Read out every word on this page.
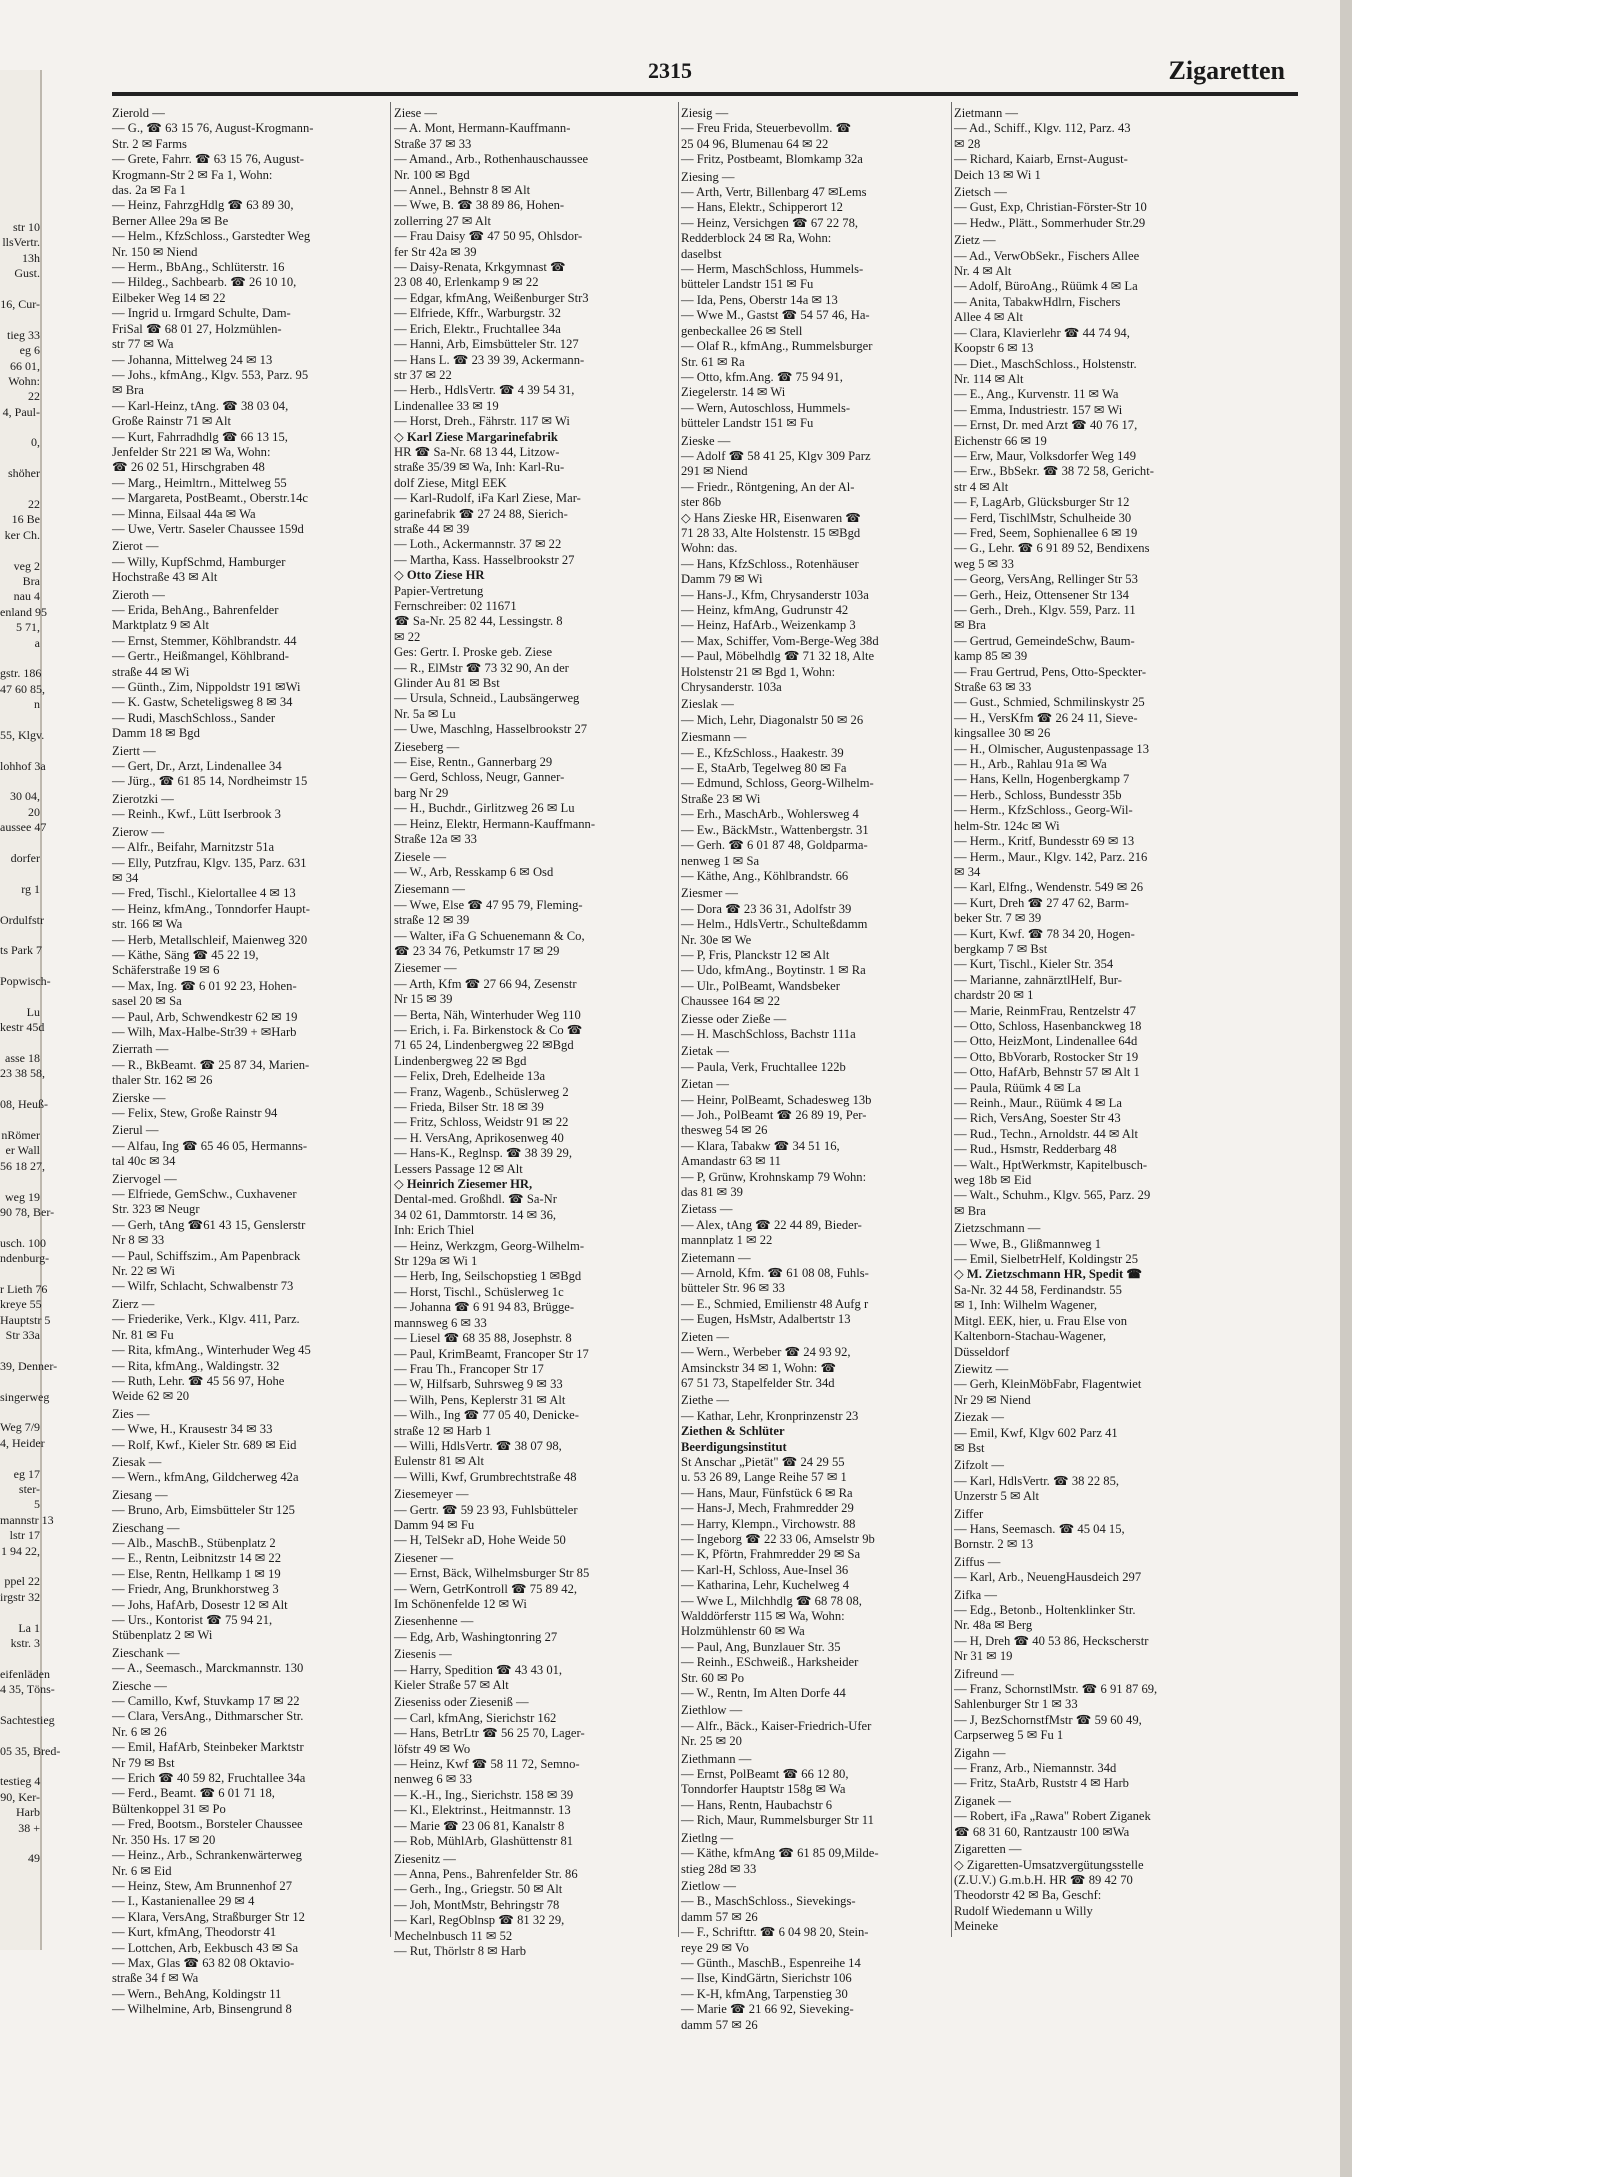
str 10
llsVertr.
13h
Gust.
16, Cur-
tieg 33
eg 6
66 01,
Wohn:
22
4, Paul-
0,
shöher
22
16 Be
ker Ch.
veg 2
Bra
nau 4
enland 95
5 71,
a
gstr. 186
47 60 85,
n
55, Klgv.
lohhof 3a
30 04,
20
aussee 47
dorfer
rg 1
Ordulfstr
ts Park 7
Popwisch-
Lu
kestr 45d
asse 18
23 38 58,
08, Heuß-
nRömer
er Wall
56 18 27,
weg 19
90 78, Ber-
usch. 100
ndenburg-
r Lieth 76
kreye 55
Hauptstr 5
Str 33a
39, Denner-
singerweg
Weg 7/9
4, Heider
eg 17
ster-
5
mannstr 13
lstr 17
1 94 22,
ppel 22
irgstr 32
La 1
kstr. 3
eifenläden
4 35, Töns-
Sachtestieg
05 35, Bred-
testieg 4
90, Ker-
Harb
38 +
49
2315	Zigaretten
Zierold —
— G., ☎ 63 15 76, August-Krogmann-
Str. 2 ✉ Farms
— Grete, Fahrr. ☎ 63 15 76, August-
Krogmann-Str 2 ✉ Fa 1, Wohn:
das. 2a ✉ Fa 1
— Heinz, FahrzgHdlg ☎ 63 89 30,
Berner Allee 29a ✉ Be
— Helm., KfzSchloss., Garstedter Weg
Nr. 150 ✉ Niend
— Herm., BbAng., Schlüterstr. 16
— Hildeg., Sachbearb. ☎ 26 10 10,
Eilbeker Weg 14 ✉ 22
— Ingrid u. Irmgard Schulte, Dam-
FriSal ☎ 68 01 27, Holzmühlen-
str 77 ✉ Wa
— Johanna, Mittelweg 24 ✉ 13
— Johs., kfmAng., Klgv. 553, Parz. 95
✉ Bra
— Karl-Heinz, tAng. ☎ 38 03 04,
Große Rainstr 71 ✉ Alt
— Kurt, Fahrradhdlg ☎ 66 13 15,
Jenfelder Str 221 ✉ Wa, Wohn:
☎ 26 02 51, Hirschgraben 48
— Marg., Heimltrn., Mittelweg 55
— Margareta, PostBeamt., Oberstr.14c
— Minna, Eilsaal 44a ✉ Wa
— Uwe, Vertr. Saseler Chaussee 159d
Zierot —
— Willy, KupfSchmd, Hamburger
Hochstraße 43 ✉ Alt
Zieroth —
— Erida, BehAng., Bahrenfelder
Marktplatz 9 ✉ Alt
— Ernst, Stemmer, Köhlbrandstr. 44
— Gertr., Heißmangel, Köhlbrand-
straße 44 ✉ Wi
— Günth., Zim, Nippoldstr 191 ✉Wi
— K. Gastw, Scheteligsweg 8 ✉ 34
— Rudi, MaschSchloss., Sander
Damm 18 ✉ Bgd
Ziertt —
— Gert, Dr., Arzt, Lindenallee 34
— Jürg., ☎ 61 85 14, Nordheimstr 15
Zierotzki —
— Reinh., Kwf., Lütt Iserbrook 3
Zierow —
— Alfr., Beifahr, Marnitzstr 51a
— Elly, Putzfrau, Klgv. 135, Parz. 631
✉ 34
— Fred, Tischl., Kielortallee 4 ✉ 13
— Heinz, kfmAng., Tonndorfer Haupt-
str. 166 ✉ Wa
— Herb, Metallschleif, Maienweg 320
— Käthe, Säng ☎ 45 22 19,
Schäferstraße 19 ✉ 6
— Max, Ing. ☎ 6 01 92 23, Hohen-
sasel 20 ✉ Sa
— Paul, Arb, Schwendkestr 62 ✉ 19
— Wilh, Max-Halbe-Str39 + ✉Harb
Zierrath —
— R., BkBeamt. ☎ 25 87 34, Marien-
thaler Str. 162 ✉ 26
Zierske —
— Felix, Stew, Große Rainstr 94
Zierul —
— Alfau, Ing ☎ 65 46 05, Hermanns-
tal 40c ✉ 34
Ziervogel —
— Elfriede, GemSchw., Cuxhavener
Str. 323 ✉ Neugr
— Gerh, tAng ☎61 43 15, Genslerstr
Nr 8 ✉ 33
— Paul, Schiffszim., Am Papenbrack
Nr. 22 ✉ Wi
— Wilfr, Schlacht, Schwalbenstr 73
Zierz —
— Friederike, Verk., Klgv. 411, Parz.
Nr. 81 ✉ Fu
— Rita, kfmAng., Winterhuder Weg 45
— Rita, kfmAng., Waldingstr. 32
— Ruth, Lehr. ☎ 45 56 97, Hohe
Weide 62 ✉ 20
Zies —
— Wwe, H., Krausestr 34 ✉ 33
— Rolf, Kwf., Kieler Str. 689 ✉ Eid
Ziesak —
— Wern., kfmAng, Gildcherweg 42a
Ziesang —
— Bruno, Arb, Eimsbütteler Str 125
Zieschang —
— Alb., MaschB., Stübenplatz 2
— E., Rentn, Leibnitzstr 14 ✉ 22
— Else, Rentn, Hellkamp 1 ✉ 19
— Friedr, Ang, Brunkhorstweg 3
— Johs, HafArb, Dosestr 12 ✉ Alt
— Urs., Kontorist ☎ 75 94 21,
Stübenplatz 2 ✉ Wi
Zieschank —
— A., Seemasch., Marckmannstr. 130
Ziesche —
— Camillo, Kwf, Stuvkamp 17 ✉ 22
— Clara, VersAng., Dithmarscher Str.
Nr. 6 ✉ 26
— Emil, HafArb, Steinbeker Marktstr
Nr 79 ✉ Bst
— Erich ☎ 40 59 82, Fruchtallee 34a
— Ferd., Beamt. ☎ 6 01 71 18,
Bültenkoppel 31 ✉ Po
— Fred, Bootsm., Borsteler Chaussee
Nr. 350 Hs. 17 ✉ 20
— Heinz., Arb., Schrankenwärterweg
Nr. 6 ✉ Eid
— Heinz, Stew, Am Brunnenhof 27
— I., Kastanienallee 29 ✉ 4
— Klara, VersAng, Straßburger Str 12
— Kurt, kfmAng, Theodorstr 41
— Lottchen, Arb, Eekbusch 43 ✉ Sa
— Max, Glas ☎ 63 82 08 Oktavio-
straße 34 f ✉ Wa
— Wern., BehAng, Koldingstr 11
— Wilhelmine, Arb, Binsengrund 8
Ziese —
— A. Mont, Hermann-Kauffmann-
Straße 37 ✉ 33
— Amand., Arb., Rothenhauschaussee
Nr. 100 ✉ Bgd
— Annel., Behnstr 8 ✉ Alt
— Wwe, B. ☎ 38 89 86, Hohen-
zollerring 27 ✉ Alt
— Frau Daisy ☎ 47 50 95, Ohlsdor-
fer Str 42a ✉ 39
— Daisy-Renata, Krkgymnast ☎
23 08 40, Erlenkamp 9 ✉ 22
— Edgar, kfmAng, Weißenburger Str3
— Elfriede, Kffr., Warburgstr. 32
— Erich, Elektr., Fruchtallee 34a
— Hanni, Arb, Eimsbütteler Str. 127
— Hans L. ☎ 23 39 39, Ackermann-
str 37 ✉ 22
— Herb., HdlsVertr. ☎ 4 39 54 31,
Lindenallee 33 ✉ 19
— Horst, Dreh., Fährstr. 117 ✉ Wi
◇ Karl Ziese Margarinefabrik
HR ☎ Sa-Nr. 68 13 44, Litzow-
straße 35/39 ✉ Wa, Inh: Karl-Ru-
dolf Ziese, Mitgl EEK
— Karl-Rudolf, iFa Karl Ziese, Mar-
garinefabrik ☎ 27 24 88, Sierich-
straße 44 ✉ 39
— Loth., Ackermannstr. 37 ✉ 22
— Martha, Kass. Hasselbrookstr 27
◇ Otto Ziese HR
Papier-Vertretung
Fernschreiber: 02 11671
☎ Sa-Nr. 25 82 44, Lessingstr. 8
✉ 22
Ges: Gertr. I. Proske geb. Ziese
— R., ElMstr ☎ 73 32 90, An der
Glinder Au 81 ✉ Bst
— Ursula, Schneid., Laubsängerweg
Nr. 5a ✉ Lu
— Uwe, Maschlng, Hasselbrookstr 27
Zieseberg —
— Eise, Rentn., Gannerbarg 29
— Gerd, Schloss, Neugr, Ganner-
barg Nr 29
— H., Buchdr., Girlitzweg 26 ✉ Lu
— Heinz, Elektr, Hermann-Kauffmann-
Straße 12a ✉ 33
Ziesele —
— W., Arb, Resskamp 6 ✉ Osd
Ziesemann —
— Wwe, Else ☎ 47 95 79, Fleming-
straße 12 ✉ 39
— Walter, iFa G Schuenemann & Co,
☎ 23 34 76, Petkumstr 17 ✉ 29
Ziesemer —
— Arth, Kfm ☎ 27 66 94, Zesenstr
Nr 15 ✉ 39
— Berta, Näh, Winterhuder Weg 110
— Erich, i. Fa. Birkenstock & Co ☎
71 65 24, Lindenbergweg 22 ✉Bgd
Lindenbergweg 22 ✉ Bgd
— Felix, Dreh, Edelheide 13a
— Franz, Wagenb., Schüslerweg 2
— Frieda, Bilser Str. 18 ✉ 39
— Fritz, Schloss, Weidstr 91 ✉ 22
— H. VersAng, Aprikosenweg 40
— Hans-K., Reglnsp. ☎ 38 39 29,
Lessers Passage 12 ✉ Alt
◇ Heinrich Ziesemer HR,
Dental-med. Großhdl. ☎ Sa-Nr
34 02 61, Dammtorstr. 14 ✉ 36,
Inh: Erich Thiel
— Heinz, Werkzgm, Georg-Wilhelm-
Str 129a ✉ Wi 1
— Herb, Ing, Seilschopstieg 1 ✉Bgd
— Horst, Tischl., Schüslerweg 1c
— Johanna ☎ 6 91 94 83, Brügge-
mannsweg 6 ✉ 33
— Liesel ☎ 68 35 88, Josephstr. 8
— Paul, KrimBeamt, Francoper Str 17
— Frau Th., Francoper Str 17
— W, Hilfsarb, Suhrsweg 9 ✉ 33
— Wilh, Pens, Keplerstr 31 ✉ Alt
— Wilh., Ing ☎ 77 05 40, Denicke-
straße 12 ✉ Harb 1
— Willi, HdlsVertr. ☎ 38 07 98,
Eulenstr 81 ✉ Alt
— Willi, Kwf, Grumbrechtstraße 48
Ziesemeyer —
— Gertr. ☎ 59 23 93, Fuhlsbütteler
Damm 94 ✉ Fu
— H, TelSekr aD, Hohe Weide 50
Ziesener —
— Ernst, Bäck, Wilhelmsburger Str 85
— Wern, GetrKontroll ☎ 75 89 42,
Im Schönenfelde 12 ✉ Wi
Ziesenhenne —
— Edg, Arb, Washingtonring 27
Ziesenis —
— Harry, Spedition ☎ 43 43 01,
Kieler Straße 57 ✉ Alt
Zieseniss oder Zieseniß —
— Carl, kfmAng, Sierichstr 162
— Hans, BetrLtr ☎ 56 25 70, Lager-
löfstr 49 ✉ Wo
— Heinz, Kwf ☎ 58 11 72, Semno-
nenweg 6 ✉ 33
— K.-H., Ing., Sierichstr. 158 ✉ 39
— Kl., Elektrinst., Heitmannstr. 13
— Marie ☎ 23 06 81, Kanalstr 8
— Rob, MühlArb, Glashüttenstr 81
Ziesenitz —
— Anna, Pens., Bahrenfelder Str. 86
— Gerh., Ing., Griegstr. 50 ✉ Alt
— Joh, MontMstr, Behringstr 78
— Karl, RegOblnsp ☎ 81 32 29,
Mechelnbusch 11 ✉ 52
— Rut, Thörlstr 8 ✉ Harb
Ziesig —
— Freu Frida, Steuerbevollm. ☎
25 04 96, Blumenau 64 ✉ 22
— Fritz, Postbeamt, Blomkamp 32a
Ziesing —
— Arth, Vertr, Billenbarg 47 ✉Lems
— Hans, Elektr., Schipperort 12
— Heinz, Versichgen ☎ 67 22 78,
Redderblock 24 ✉ Ra, Wohn:
daselbst
— Herm, MaschSchloss, Hummels-
bütteler Landstr 151 ✉ Fu
— Ida, Pens, Oberstr 14a ✉ 13
— Wwe M., Gastst ☎ 54 57 46, Ha-
genbeckallee 26 ✉ Stell
— Olaf R., kfmAng., Rummelsburger
Str. 61 ✉ Ra
— Otto, kfm.Ang. ☎ 75 94 91,
Ziegelerstr. 14 ✉ Wi
— Wern, Autoschloss, Hummels-
bütteler Landstr 151 ✉ Fu
Zieske —
— Adolf ☎ 58 41 25, Klgv 309 Parz
291 ✉ Niend
— Friedr., Röntgening, An der Al-
ster 86b
◇ Hans Zieske HR, Eisenwaren ☎
71 28 33, Alte Holstenstr. 15 ✉Bgd
Wohn: das.
— Hans, KfzSchloss., Rotenhäuser
Damm 79 ✉ Wi
— Hans-J., Kfm, Chrysanderstr 103a
— Heinz, kfmAng, Gudrunstr 42
— Heinz, HafArb., Weizenkamp 3
— Max, Schiffer, Vom-Berge-Weg 38d
— Paul, Möbelhdlg ☎ 71 32 18, Alte
Holstenstr 21 ✉ Bgd 1, Wohn:
Chrysanderstr. 103a
Zieslak —
— Mich, Lehr, Diagonalstr 50 ✉ 26
Ziesmann —
— E., KfzSchloss., Haakestr. 39
— E, StaArb, Tegelweg 80 ✉ Fa
— Edmund, Schloss, Georg-Wilhelm-
Straße 23 ✉ Wi
— Erh., MaschArb., Wohlersweg 4
— Ew., BäckMstr., Wattenbergstr. 31
— Gerh. ☎ 6 01 87 48, Goldparma-
nenweg 1 ✉ Sa
— Käthe, Ang., Köhlbrandstr. 66
Ziesmer —
— Dora ☎ 23 36 31, Adolfstr 39
— Helm., HdlsVertr., Schulteßdamm
Nr. 30e ✉ We
— P, Fris, Planckstr 12 ✉ Alt
— Udo, kfmAng., Boytinstr. 1 ✉ Ra
— Ulr., PolBeamt, Wandsbeker
Chaussee 164 ✉ 22
Ziesse oder Zieße —
— H. MaschSchloss, Bachstr 111a
Zietak —
— Paula, Verk, Fruchtallee 122b
Zietan —
— Heinr, PolBeamt, Schadesweg 13b
— Joh., PolBeamt ☎ 26 89 19, Per-
thesweg 54 ✉ 26
— Klara, Tabakw ☎ 34 51 16,
Amandastr 63 ✉ 11
— P, Grünw, Krohnskamp 79 Wohn:
das 81 ✉ 39
Zietass —
— Alex, tAng ☎ 22 44 89, Bieder-
mannplatz 1 ✉ 22
Zietemann —
— Arnold, Kfm. ☎ 61 08 08, Fuhls-
bütteler Str. 96 ✉ 33
— E., Schmied, Emilienstr 48 Aufg r
— Eugen, HsMstr, Adalbertstr 13
Zieten —
— Wern., Werbeber ☎ 24 93 92,
Amsinckstr 34 ✉ 1, Wohn: ☎
67 51 73, Stapelfelder Str. 34d
Ziethe —
— Kathar, Lehr, Kronprinzenstr 23
Ziethen & Schlüter
Beerdigungsinstitut
St Anschar „Pietät" ☎ 24 29 55
u. 53 26 89, Lange Reihe 57 ✉ 1
— Hans, Maur, Fünfstück 6 ✉ Ra
— Hans-J, Mech, Frahmredder 29
— Harry, Klempn., Virchowstr. 88
— Ingeborg ☎ 22 33 06, Amselstr 9b
— K, Pförtn, Frahmredder 29 ✉ Sa
— Karl-H, Schloss, Aue-Insel 36
— Katharina, Lehr, Kuchelweg 4
— Wwe L, Milchhdlg ☎ 68 78 08,
Walddörferstr 115 ✉ Wa, Wohn:
Holzmühlenstr 60 ✉ Wa
— Paul, Ang, Bunzlauer Str. 35
— Reinh., ESchweiß., Harksheider
Str. 60 ✉ Po
— W., Rentn, Im Alten Dorfe 44
Ziethlow —
— Alfr., Bäck., Kaiser-Friedrich-Ufer
Nr. 25 ✉ 20
Ziethmann —
— Ernst, PolBeamt ☎ 66 12 80,
Tonndorfer Hauptstr 158g ✉ Wa
— Hans, Rentn, Haubachstr 6
— Rich, Maur, Rummelsburger Str 11
Zietlng —
— Käthe, kfmAng ☎ 61 85 09,Milde-
stieg 28d ✉ 33
Zietlow —
— B., MaschSchloss., Sievekings-
damm 57 ✉ 26
— F., Schrifttr. ☎ 6 04 98 20, Stein-
reye 29 ✉ Vo
— Günth., MaschB., Espenreihe 14
— Ilse, KindGärtn, Sierichstr 106
— K-H, kfmAng, Tarpenstieg 30
— Marie ☎ 21 66 92, Sieveking-
damm 57 ✉ 26
Zietmann —
— Ad., Schiff., Klgv. 112, Parz. 43
✉ 28
— Richard, Kaiarb, Ernst-August-
Deich 13 ✉ Wi 1
Zietsch —
— Gust, Exp, Christian-Förster-Str 10
— Hedw., Plätt., Sommerhuder Str.29
Zietz —
— Ad., VerwObSekr., Fischers Allee
Nr. 4 ✉ Alt
— Adolf, BüroAng., Rüümk 4 ✉ La
— Anita, TabakwHdlrn, Fischers
Allee 4 ✉ Alt
— Clara, Klavierlehr ☎ 44 74 94,
Koopstr 6 ✉ 13
— Diet., MaschSchloss., Holstenstr.
Nr. 114 ✉ Alt
— E., Ang., Kurvenstr. 11 ✉ Wa
— Emma, Industriestr. 157 ✉ Wi
— Ernst, Dr. med Arzt ☎ 40 76 17,
Eichenstr 66 ✉ 19
— Erw, Maur, Volksdorfer Weg 149
— Erw., BbSekr. ☎ 38 72 58, Gericht-
str 4 ✉ Alt
— F, LagArb, Glücksburger Str 12
— Ferd, TischlMstr, Schulheide 30
— Fred, Seem, Sophienallee 6 ✉ 19
— G., Lehr. ☎ 6 91 89 52, Bendixens
weg 5 ✉ 33
— Georg, VersAng, Rellinger Str 53
— Gerh., Heiz, Ottensener Str 134
— Gerh., Dreh., Klgv. 559, Parz. 11
✉ Bra
— Gertrud, GemeindeSchw, Baum-
kamp 85 ✉ 39
— Frau Gertrud, Pens, Otto-Speckter-
Straße 63 ✉ 33
— Gust., Schmied, Schmilinskystr 25
— H., VersKfm ☎ 26 24 11, Sieve-
kingsallee 30 ✉ 26
— H., Olmischer, Augustenpassage 13
— H., Arb., Rahlau 91a ✉ Wa
— Hans, Kelln, Hogenbergkamp 7
— Herb., Schloss, Bundesstr 35b
— Herm., KfzSchloss., Georg-Wil-
helm-Str. 124c ✉ Wi
— Herm., Kritf, Bundesstr 69 ✉ 13
— Herm., Maur., Klgv. 142, Parz. 216
✉ 34
— Karl, Elfng., Wendenstr. 549 ✉ 26
— Kurt, Dreh ☎ 27 47 62, Barm-
beker Str. 7 ✉ 39
— Kurt, Kwf. ☎ 78 34 20, Hogen-
bergkamp 7 ✉ Bst
— Kurt, Tischl., Kieler Str. 354
— Marianne, zahnärztlHelf, Bur-
chardstr 20 ✉ 1
— Marie, ReinmFrau, Rentzelstr 47
— Otto, Schloss, Hasenbanckweg 18
— Otto, HeizMont, Lindenallee 64d
— Otto, BbVorarb, Rostocker Str 19
— Otto, HafArb, Behnstr 57 ✉ Alt 1
— Paula, Rüümk 4 ✉ La
— Reinh., Maur., Rüümk 4 ✉ La
— Rich, VersAng, Soester Str 43
— Rud., Techn., Arnoldstr. 44 ✉ Alt
— Rud., Hsmstr, Redderbarg 48
— Walt., HptWerkmstr, Kapitelbusch-
weg 18b ✉ Eid
— Walt., Schuhm., Klgv. 565, Parz. 29
✉ Bra
Zietzschmann —
— Wwe, B., Glißmannweg 1
— Emil, SielbetrHelf, Koldingstr 25
◇ M. Zietzschmann HR, Spedit ☎
Sa-Nr. 32 44 58, Ferdinandstr. 55
✉ 1, Inh: Wilhelm Wagener,
Mitgl. EEK, hier, u. Frau Else von
Kaltenborn-Stachau-Wagener,
Düsseldorf
Ziewitz —
— Gerh, KleinMöbFabr, Flagentwiet
Nr 29 ✉ Niend
Ziezak —
— Emil, Kwf, Klgv 602 Parz 41
✉ Bst
Zifzolt —
— Karl, HdlsVertr. ☎ 38 22 85,
Unzerstr 5 ✉ Alt
Ziffer
— Hans, Seemasch. ☎ 45 04 15,
Bornstr. 2 ✉ 13
Ziffus —
— Karl, Arb., NeuengHausdeich 297
Zifka —
— Edg., Betonb., Holtenklinker Str.
Nr. 48a ✉ Berg
— H, Dreh ☎ 40 53 86, Heckscherstr
Nr 31 ✉ 19
Zifreund —
— Franz, SchornstlMstr. ☎ 6 91 87 69,
Sahlenburger Str 1 ✉ 33
— J, BezSchornstfMstr ☎ 59 60 49,
Carpserweg 5 ✉ Fu 1
Zigahn —
— Franz, Arb., Niemannstr. 34d
— Fritz, StaArb, Ruststr 4 ✉ Harb
Ziganek —
— Robert, iFa „Rawa" Robert Ziganek
☎ 68 31 60, Rantzaustr 100 ✉Wa
Zigaretten —
◇ Zigaretten-Umsatzvergütungsstelle
(Z.U.V.) G.m.b.H. HR ☎ 89 42 70
Theodorstr 42 ✉ Ba, Geschf:
Rudolf Wiedemann u Willy
Meineke
